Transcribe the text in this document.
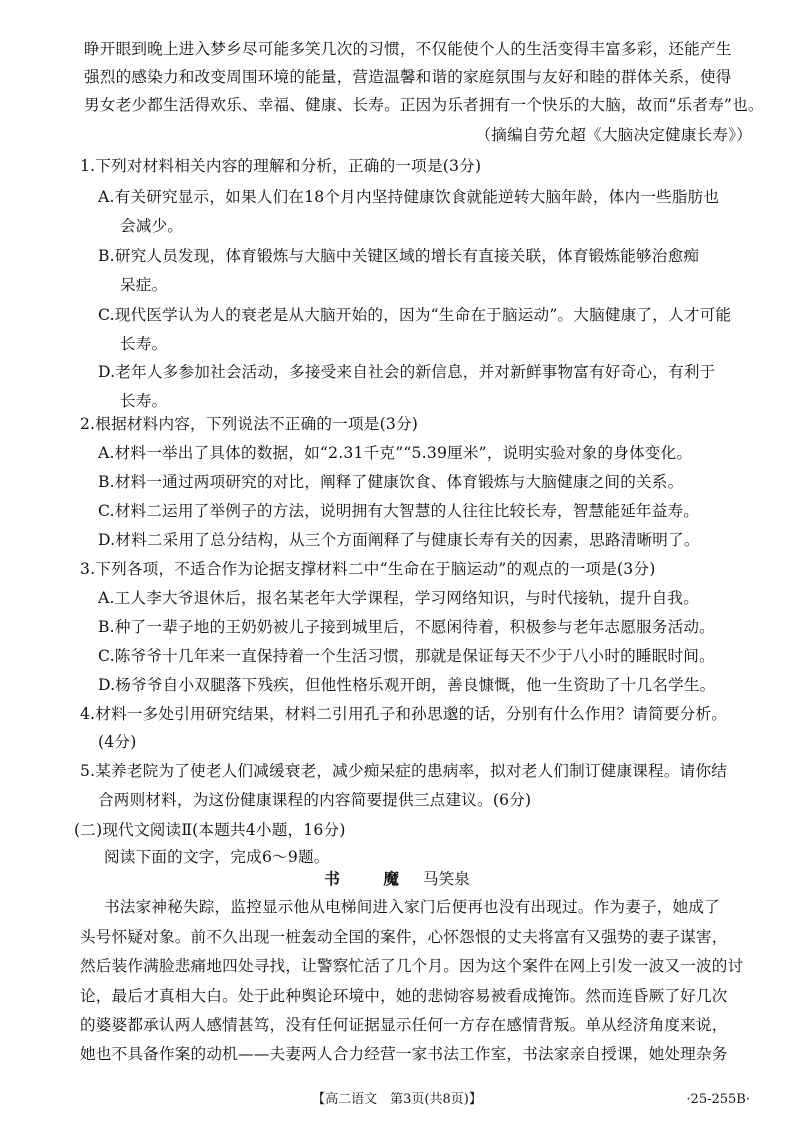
睁开眼到晚上进入梦乡尽可能多笑几次的习惯，不仅能使个人的生活变得丰富多彩，还能产生
强烈的感染力和改变周围环境的能量，营造温馨和谐的家庭氛围与友好和睦的群体关系，使得
男女老少都生活得欢乐、幸福、健康、长寿。正因为乐者拥有一个快乐的大脑，故而“乐者寿”也。
（摘编自劳允超《大脑决定健康长寿》）
1.下列对材料相关内容的理解和分析，正确的一项是(3分)
A.有关研究显示，如果人们在18个月内坚持健康饮食就能逆转大脑年龄，体内一些脂肪也
会减少。
B.研究人员发现，体育锻炼与大脑中关键区域的增长有直接关联，体育锻炼能够治愈痴
呆症。
C.现代医学认为人的衰老是从大脑开始的，因为“生命在于脑运动”。大脑健康了，人才可能
长寿。
D.老年人多参加社会活动，多接受来自社会的新信息，并对新鲜事物富有好奇心，有利于
长寿。
2.根据材料内容，下列说法不正确的一项是(3分)
A.材料一举出了具体的数据，如“2.31千克”“5.39厘米”，说明实验对象的身体变化。
B.材料一通过两项研究的对比，阐释了健康饮食、体育锻炼与大脑健康之间的关系。
C.材料二运用了举例子的方法，说明拥有大智慧的人往往比较长寿，智慧能延年益寿。
D.材料二采用了总分结构，从三个方面阐释了与健康长寿有关的因素，思路清晰明了。
3.下列各项，不适合作为论据支撑材料二中“生命在于脑运动”的观点的一项是(3分)
A.工人李大爷退休后，报名某老年大学课程，学习网络知识，与时代接轨，提升自我。
B.种了一辈子地的王奶奶被儿子接到城里后，不愿闲待着，积极参与老年志愿服务活动。
C.陈爷爷十几年来一直保持着一个生活习惯，那就是保证每天不少于八小时的睡眠时间。
D.杨爷爷自小双腿落下残疾，但他性格乐观开朗，善良慷慨，他一生资助了十几名学生。
4.材料一多处引用研究结果，材料二引用孔子和孙思邈的话，分别有什么作用？请简要分析。
(4分)
5.某养老院为了使老人们减缓衰老，减少痴呆症的患病率，拟对老人们制订健康课程。请你结
合两则材料，为这份健康课程的内容简要提供三点建议。(6分)
(二)现代文阅读Ⅱ(本题共4小题，16分)
书　魔 马笑泉
书法家神秘失踪，监控显示他从电梯间进入家门后便再也没有出现过。作为妻子，她成了
头号怀疑对象。前不久出现一桩轰动全国的案件，心怀怨恨的丈夫将富有又强势的妻子谋害，
然后装作满脸悲痛地四处寻找，让警察忙活了几个月。因为这个案件在网上引发一波又一波的讨
论，最后才真相大白。处于此种舆论环境中，她的悲恸容易被看成掩饰。然而连昏厥了好几次
的婆婆都承认两人感情甚笃，没有任何证据显示任何一方存在感情背叛。单从经济角度来说，
她也不具备作案的动机——夫妻两人合力经营一家书法工作室，书法家亲自授课，她处理杂务
【高二语文　第3页(共8页)】	·25-255B·
阅读下面的文字，完成6～9题。
